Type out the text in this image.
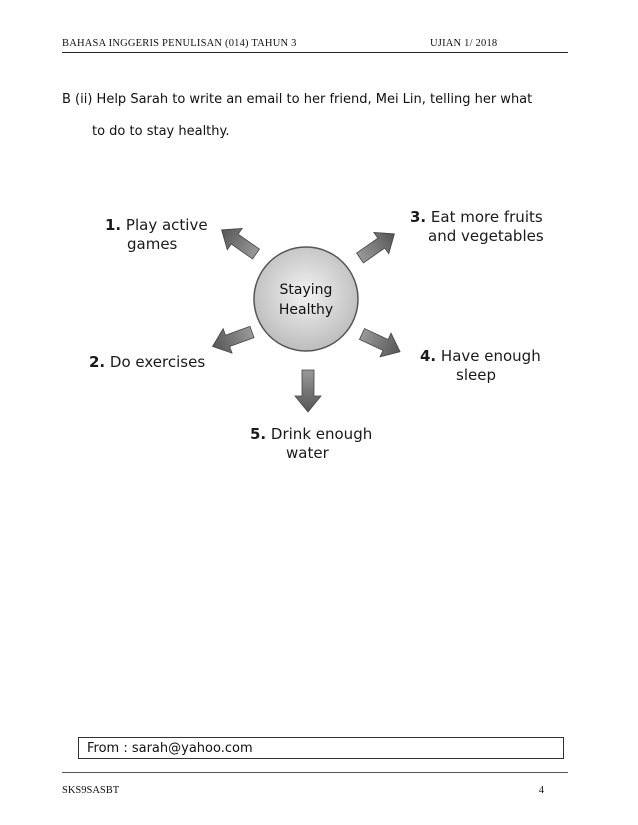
BAHASA INGGERIS PENULISAN (014) TAHUN 3	UJIAN 1/ 2018
B (ii) Help Sarah to write an email to her friend, Mei Lin, telling her what
to do to stay healthy.
Staying
Healthy
1. Play active
games
2. Do exercises
3. Eat more fruits
and vegetables
4. Have enough
sleep
5. Drink enough
water
From : sarah@yahoo.com
SKS9SASBT	4
